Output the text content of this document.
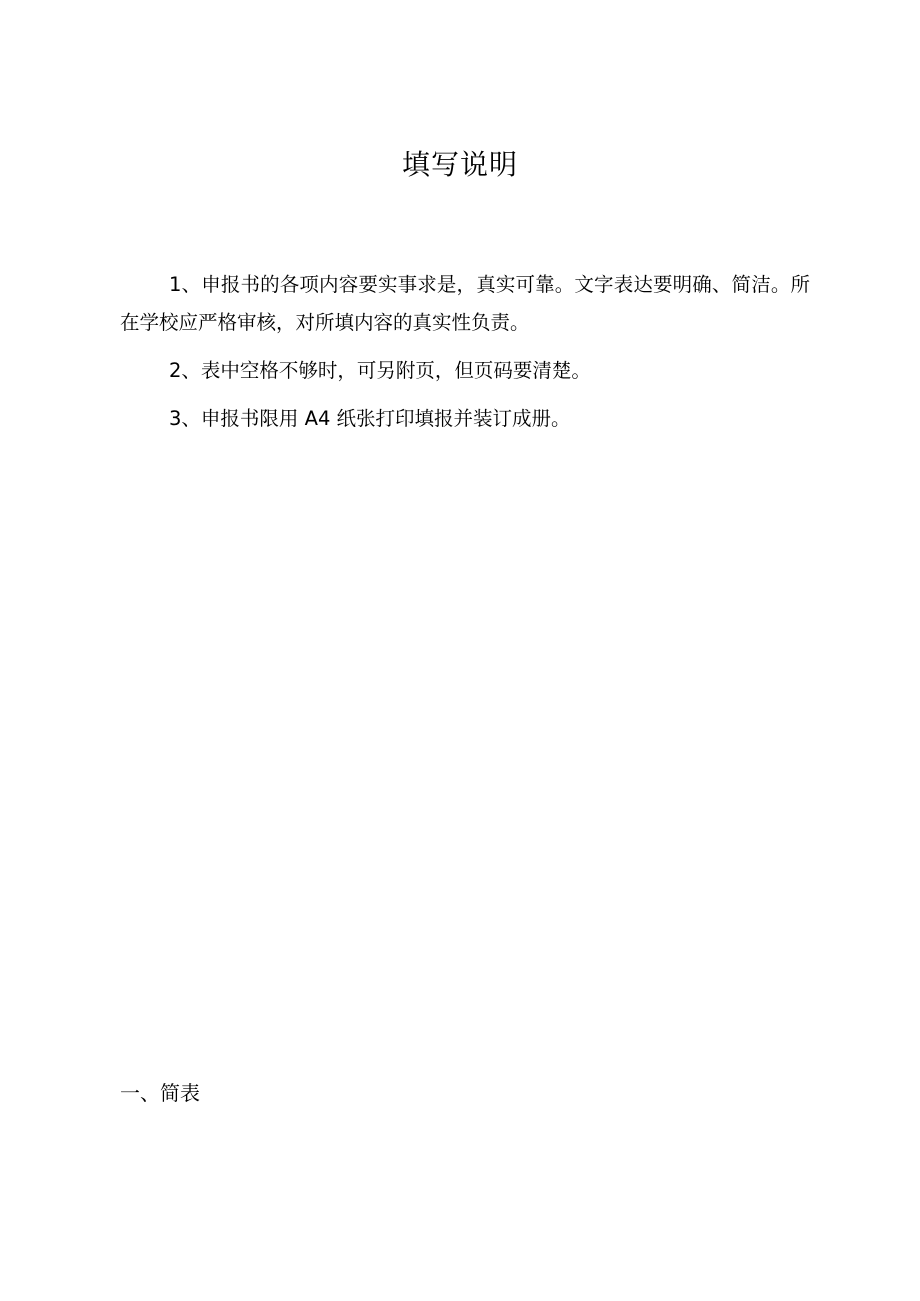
填写说明

1、申报书的各项内容要实事求是，真实可靠。文字表达要明确、简洁。所在学校应严格审核，对所填内容的真实性负责。

2、表中空格不够时，可另附页，但页码要清楚。

3、申报书限用 A4 纸张打印填报并装订成册。

一、简表
